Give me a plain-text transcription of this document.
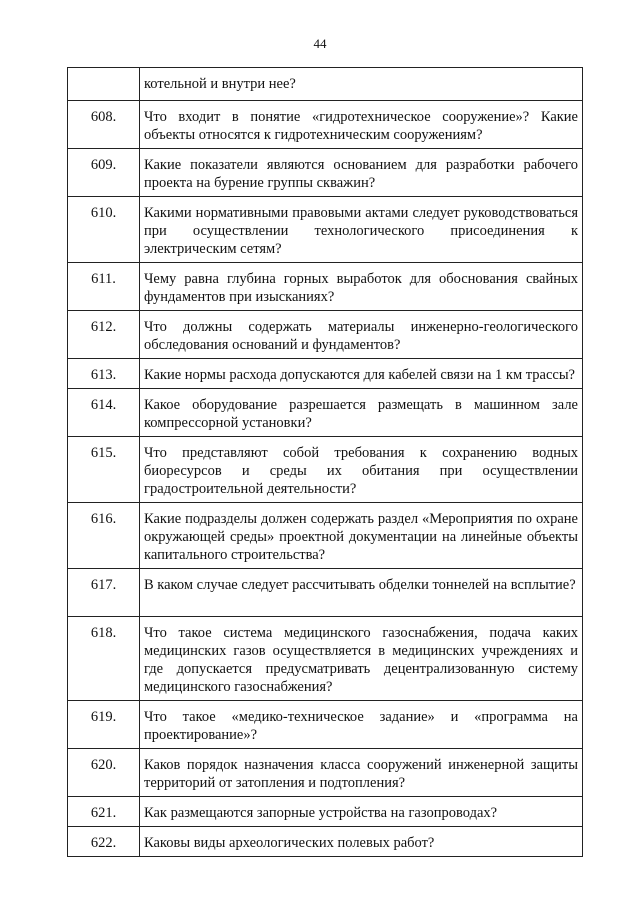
44
	котельной и внутри нее?
608.	Что входит в понятие «гидротехническое сооружение»? Какие объекты относятся к гидротехническим сооружениям?
609.	Какие показатели являются основанием для разработки рабочего проекта на бурение группы скважин?
610.	Какими нормативными правовыми актами следует руководствоваться при осуществлении технологического присоединения к электрическим сетям?
611.	Чему равна глубина горных выработок для обоснования свайных фундаментов при изысканиях?
612.	Что должны содержать материалы инженерно-геологического обследования оснований и фундаментов?
613.	Какие нормы расхода допускаются для кабелей связи на 1 км трассы?
614.	Какое оборудование разрешается размещать в машинном зале компрессорной установки?
615.	Что представляют собой требования к сохранению водных биоресурсов и среды их обитания при осуществлении градостроительной деятельности?
616.	Какие подразделы должен содержать раздел «Мероприятия по охране окружающей среды» проектной документации на линейные объекты капитального строительства?
617.	В каком случае следует рассчитывать обделки тоннелей на всплытие?
618.	Что такое система медицинского газоснабжения, подача каких медицинских газов осуществляется в медицинских учреждениях и где допускается предусматривать децентрализованную систему медицинского газоснабжения?
619.	Что такое «медико-техническое задание» и «программа на проектирование»?
620.	Каков порядок назначения класса сооружений инженерной защиты территорий от затопления и подтопления?
621.	Как размещаются запорные устройства на газопроводах?
622.	Каковы виды археологических полевых работ?
